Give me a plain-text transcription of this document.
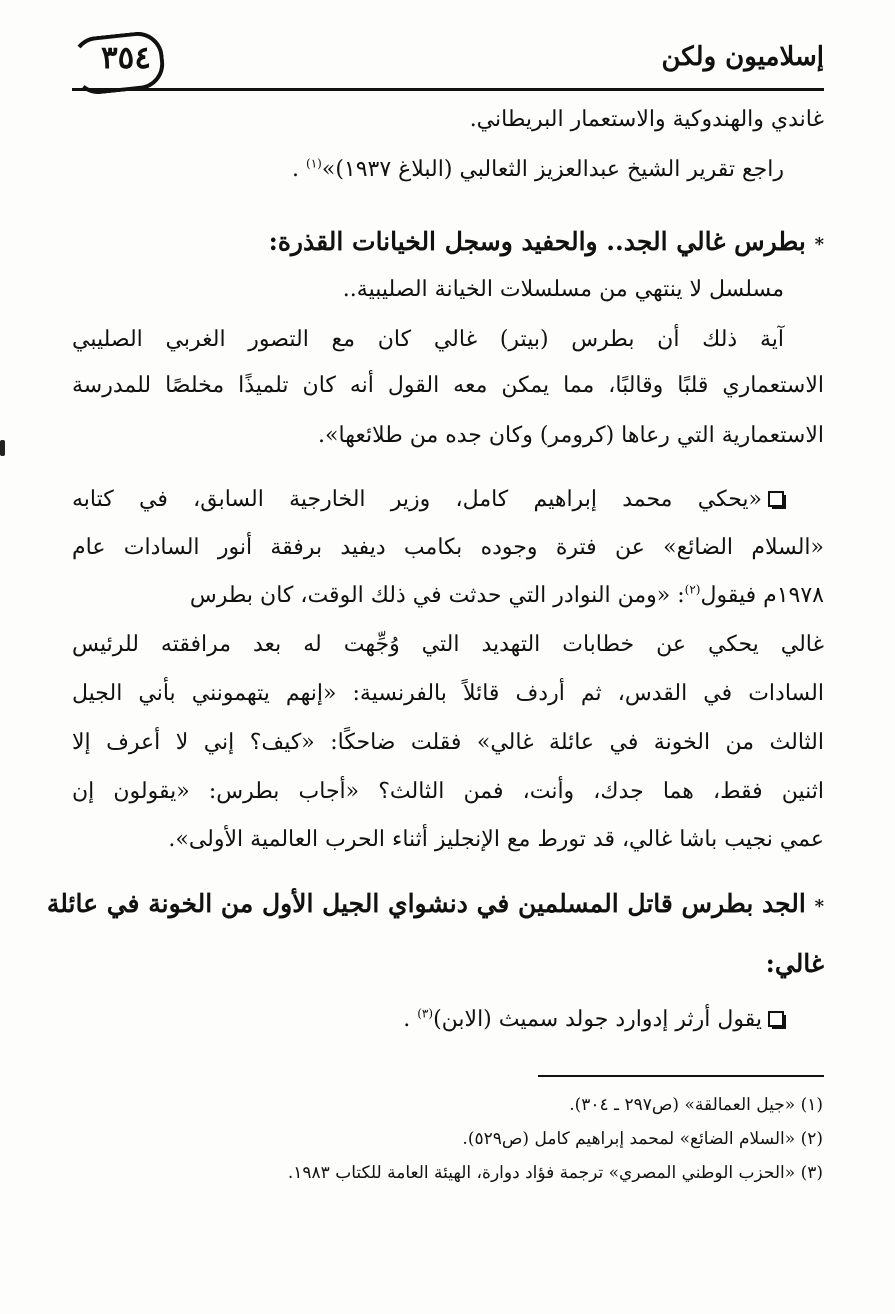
٣٥٤	إسلاميون ولكن
غاندي والهندوكية والاستعمار البريطاني.
راجع تقرير الشيخ عبدالعزيز الثعالبي (البلاغ ١٩٣٧)»$^{(١)}$ .
* بطرس غالي الجد.. والحفيد وسجل الخيانات القذرة:
مسلسل لا ينتهي من مسلسلات الخيانة الصليبية..
آية ذلك أن بطرس (بيتر) غالي كان مع التصور الغربي الصليبي
الاستعماري قلبًا وقالبًا، مما يمكن معه القول أنه كان تلميذًا مخلصًا للمدرسة
الاستعمارية التي رعاها (كرومر) وكان جده من طلائعها».
«يحكي محمد إبراهيم كامل، وزير الخارجية السابق، في كتابه
«السلام الضائع» عن فترة وجوده بكامب ديفيد برفقة أنور السادات عام
١٩٧٨م فيقول$^{(٢)}$: «ومن النوادر التي حدثت في ذلك الوقت، كان بطرس
غالي يحكي عن خطابات التهديد التي وُجِّهت له بعد مرافقته للرئيس
السادات في القدس، ثم أردف قائلاً بالفرنسية: «إنهم يتهمونني بأني الجيل
الثالث من الخونة في عائلة غالي» فقلت ضاحكًا: «كيف؟ إني لا أعرف إلا
اثنين فقط، هما جدك، وأنت، فمن الثالث؟ «أجاب بطرس: «يقولون إن
عمي نجيب باشا غالي، قد تورط مع الإنجليز أثناء الحرب العالمية الأولى».
* الجد بطرس قاتل المسلمين في دنشواي الجيل الأول من الخونة في عائلة
غالي:
يقول أرثر إدوارد جولد سميث (الابن)$^{(٣)}$ .
(١) «جيل العمالقة» (ص٢٩٧ ـ ٣٠٤).
(٢) «السلام الضائع» لمحمد إبراهيم كامل (ص٥٢٩).
(٣) «الحزب الوطني المصري» ترجمة فؤاد دوارة، الهيئة العامة للكتاب ١٩٨٣.
